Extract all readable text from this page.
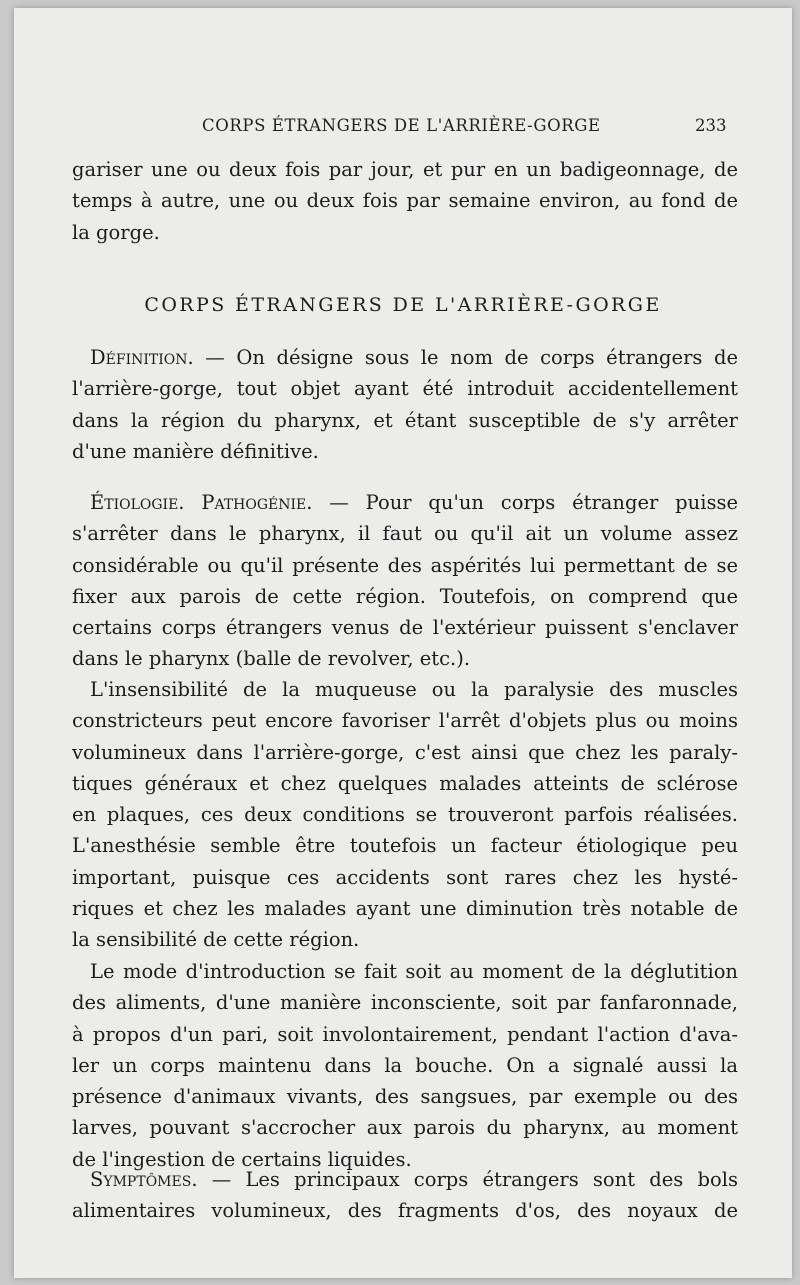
CORPS ÉTRANGERS DE L'ARRIÈRE-GORGE	233
gariser une ou deux fois par jour, et pur en un badigeonnage, de
temps à autre, une ou deux fois par semaine environ, au fond de
la gorge.
CORPS ÉTRANGERS DE L'ARRIÈRE-GORGE
Définition. — On désigne sous le nom de corps étrangers de
l'arrière-gorge, tout objet ayant été introduit accidentellement
dans la région du pharynx, et étant susceptible de s'y arrêter
d'une manière définitive.
Étiologie. Pathogénie. — Pour qu'un corps étranger puisse
s'arrêter dans le pharynx, il faut ou qu'il ait un volume assez
considérable ou qu'il présente des aspérités lui permettant de se
fixer aux parois de cette région. Toutefois, on comprend que
certains corps étrangers venus de l'extérieur puissent s'enclaver
dans le pharynx (balle de revolver, etc.).
L'insensibilité de la muqueuse ou la paralysie des muscles
constricteurs peut encore favoriser l'arrêt d'objets plus ou moins
volumineux dans l'arrière-gorge, c'est ainsi que chez les paraly-
tiques généraux et chez quelques malades atteints de sclérose
en plaques, ces deux conditions se trouveront parfois réalisées.
L'anesthésie semble être toutefois un facteur étiologique peu
important, puisque ces accidents sont rares chez les hysté-
riques et chez les malades ayant une diminution très notable de
la sensibilité de cette région.
Le mode d'introduction se fait soit au moment de la déglutition
des aliments, d'une manière inconsciente, soit par fanfaronnade,
à propos d'un pari, soit involontairement, pendant l'action d'ava-
ler un corps maintenu dans la bouche. On a signalé aussi la
présence d'animaux vivants, des sangsues, par exemple ou des
larves, pouvant s'accrocher aux parois du pharynx, au moment
de l'ingestion de certains liquides.
Symptômes. — Les principaux corps étrangers sont des bols
alimentaires volumineux, des fragments d'os, des noyaux de
